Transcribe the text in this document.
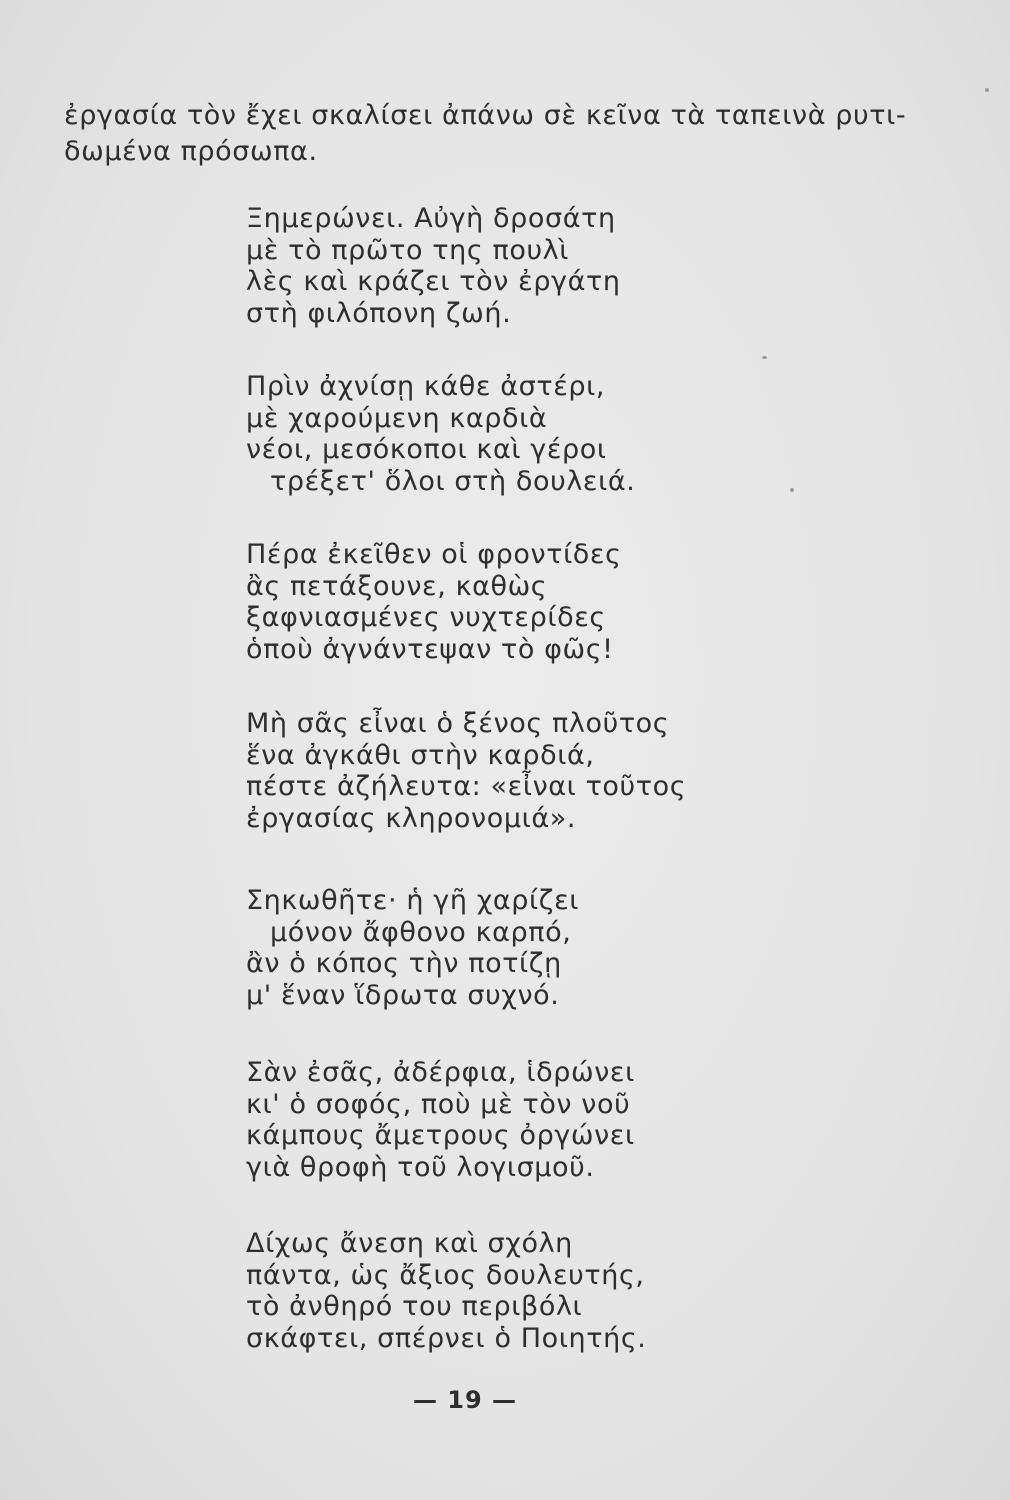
ἐργασία τὸν ἔχει σκαλίσει ἀπάνω σὲ κεῖνα τὰ ταπεινὰ ρυτι-
δωμένα πρόσωπα.
Ξημερώνει. Αὐγὴ δροσάτη
μὲ τὸ πρῶτο της πουλὶ
λὲς καὶ κράζει τὸν ἐργάτη
στὴ φιλόπονη ζωή.
Πρὶν ἀχνίσῃ κάθε ἀστέρι,
μὲ χαρούμενη καρδιὰ
νέοι, μεσόκοποι καὶ γέροι
τρέξετ' ὅλοι στὴ δουλειά.
Πέρα ἐκεῖθεν οἱ φροντίδες
ἂς πετάξουνε, καθὼς
ξαφνιασμένες νυχτερίδες
ὁποὺ ἀγνάντεψαν τὸ φῶς!
Μὴ σᾶς εἶναι ὁ ξένος πλοῦτος
ἕνα ἀγκάθι στὴν καρδιά,
πέστε ἀζήλευτα: «εἶναι τοῦτος
ἐργασίας κληρονομιά».
Σηκωθῆτε· ἡ γῆ χαρίζει
μόνον ἄφθονο καρπό,
ἂν ὁ κόπος τὴν ποτίζῃ
μ' ἕναν ἵδρωτα συχνό.
Σὰν ἐσᾶς, ἀδέρφια, ἱδρώνει
κι' ὁ σοφός, ποὺ μὲ τὸν νοῦ
κάμπους ἄμετρους ὀργώνει
γιὰ θροφὴ τοῦ λογισμοῦ.
Δίχως ἄνεση καὶ σχόλη
πάντα, ὡς ἄξιος δουλευτής,
τὸ ἀνθηρό του περιβόλι
σκάφτει, σπέρνει ὁ Ποιητής.
— 19 —
